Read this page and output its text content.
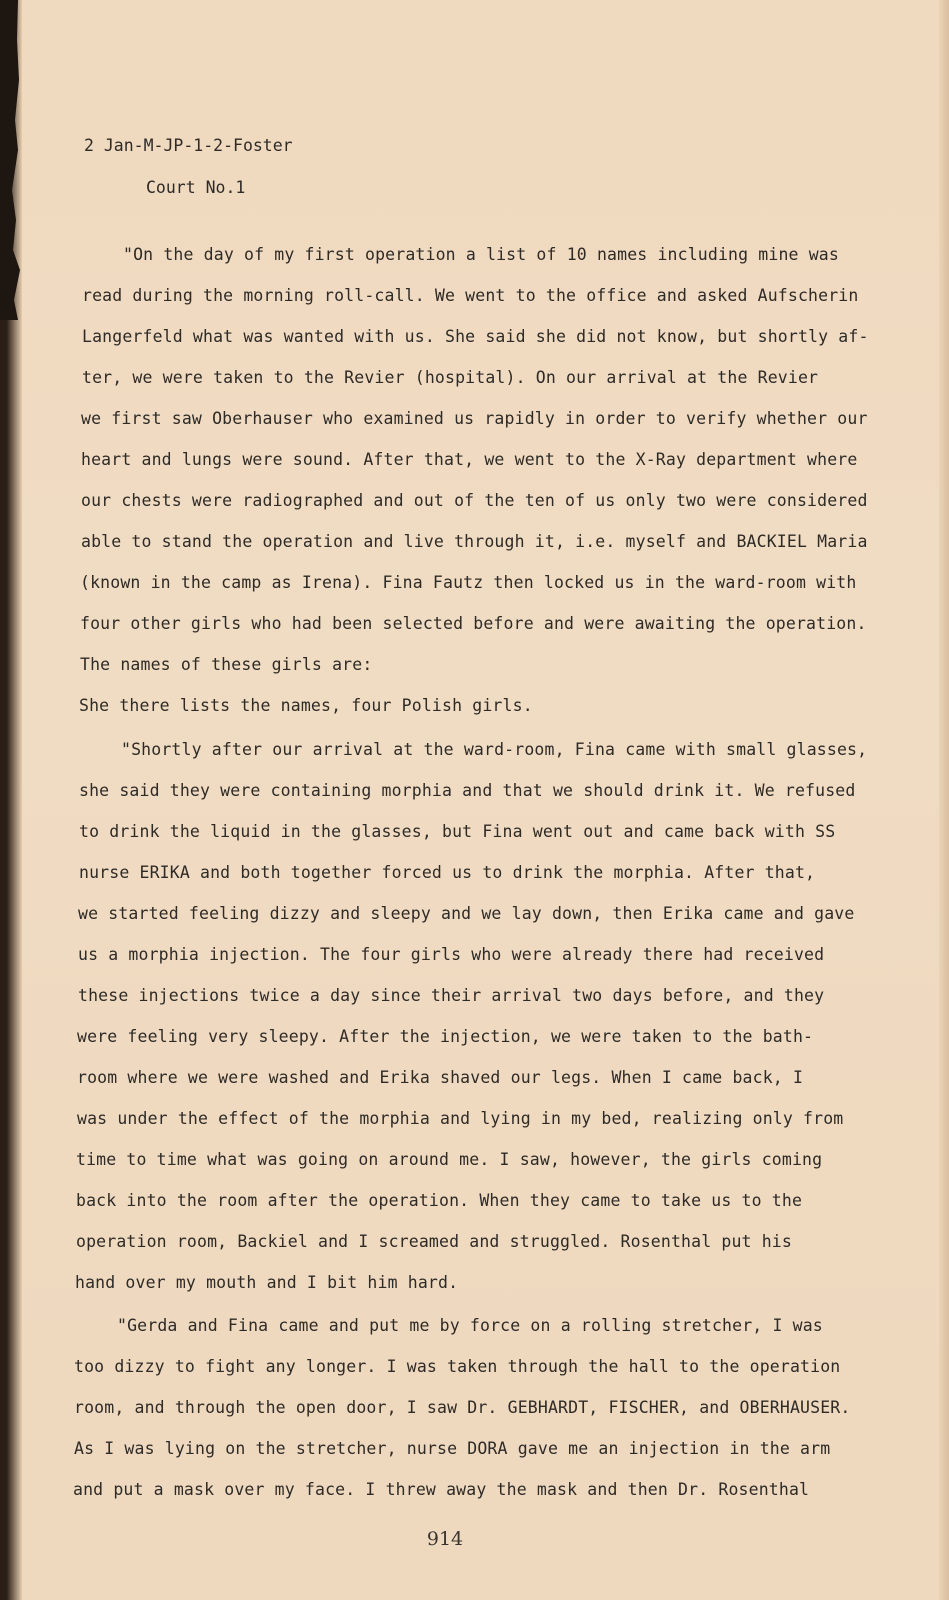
2 Jan-M-JP-1-2-Foster

Court No.1

"On the day of my first operation a list of 10 names including mine was

read during the morning roll-call. We went to the office and asked Aufscherin

Langerfeld what was wanted with us. She said she did not know, but shortly af-

ter, we were taken to the Revier (hospital). On our arrival at the Revier

we first saw Oberhauser who examined us rapidly in order to verify whether our

heart and lungs were sound. After that, we went to the X-Ray department where

our chests were radiographed and out of the ten of us only two were considered

able to stand the operation and live through it, i.e. myself and BACKIEL Maria

(known in the camp as Irena). Fina Fautz then locked us in the ward-room with

four other girls who had been selected before and were awaiting the operation.

The names of these girls are:

She there lists the names, four Polish girls.

"Shortly after our arrival at the ward-room, Fina came with small glasses,

she said they were containing morphia and that we should drink it. We refused

to drink the liquid in the glasses, but Fina went out and came back with SS

nurse ERIKA and both together forced us to drink the morphia. After that,

we started feeling dizzy and sleepy and we lay down, then Erika came and gave

us a morphia injection. The four girls who were already there had received

these injections twice a day since their arrival two days before, and they

were feeling very sleepy. After the injection, we were taken to the bath-

room where we were washed and Erika shaved our legs. When I came back, I

was under the effect of the morphia and lying in my bed, realizing only from

time to time what was going on around me. I saw, however, the girls coming

back into the room after the operation. When they came to take us to the

operation room, Backiel and I screamed and struggled. Rosenthal put his

hand over my mouth and I bit him hard.

"Gerda and Fina came and put me by force on a rolling stretcher, I was

too dizzy to fight any longer. I was taken through the hall to the operation

room, and through the open door, I saw Dr. GEBHARDT, FISCHER, and OBERHAUSER.

As I was lying on the stretcher, nurse DORA gave me an injection in the arm

and put a mask over my face. I threw away the mask and then Dr. Rosenthal

914
